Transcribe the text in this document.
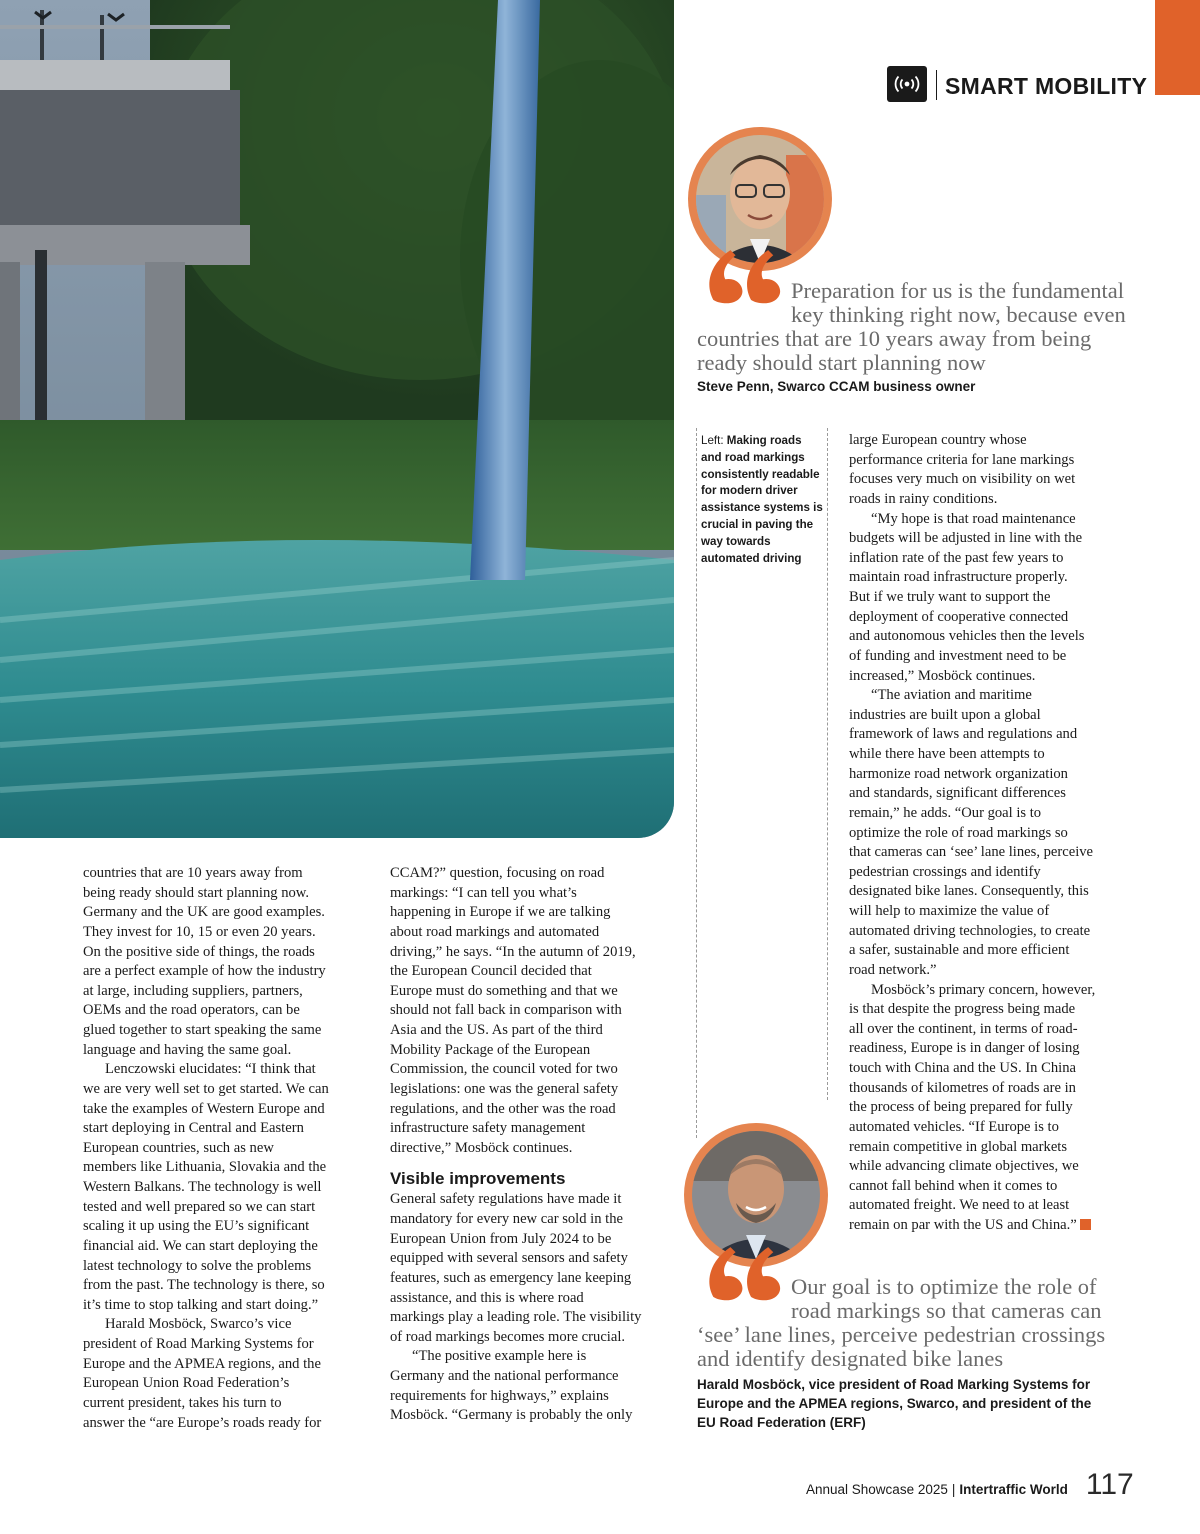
SMART MOBILITY
Preparation for us is the fundamental
key thinking right now, because even
countries that are 10 years away from being
ready should start planning now
Steve Penn, Swarco CCAM business owner
Left: Making roads and road markings consistently readable for modern driver assistance systems is crucial in paving the way towards automated driving
countries that are 10 years away from
being ready should start planning now.
Germany and the UK are good examples.
They invest for 10, 15 or even 20 years.
On the positive side of things, the roads
are a perfect example of how the industry
at large, including suppliers, partners,
OEMs and the road operators, can be
glued together to start speaking the same
language and having the same goal.
Lenczowski elucidates: “I think that
we are very well set to get started. We can
take the examples of Western Europe and
start deploying in Central and Eastern
European countries, such as new
members like Lithuania, Slovakia and the
Western Balkans. The technology is well
tested and well prepared so we can start
scaling it up using the EU’s significant
financial aid. We can start deploying the
latest technology to solve the problems
from the past. The technology is there, so
it’s time to stop talking and start doing.”
Harald Mosböck, Swarco’s vice
president of Road Marking Systems for
Europe and the APMEA regions, and the
European Union Road Federation’s
current president, takes his turn to
answer the “are Europe’s roads ready for
CCAM?” question, focusing on road
markings: “I can tell you what’s
happening in Europe if we are talking
about road markings and automated
driving,” he says. “In the autumn of 2019,
the European Council decided that
Europe must do something and that we
should not fall back in comparison with
Asia and the US. As part of the third
Mobility Package of the European
Commission, the council voted for two
legislations: one was the general safety
regulations, and the other was the road
infrastructure safety management
directive,” Mosböck continues.
Visible improvements
General safety regulations have made it
mandatory for every new car sold in the
European Union from July 2024 to be
equipped with several sensors and safety
features, such as emergency lane keeping
assistance, and this is where road
markings play a leading role. The visibility
of road markings becomes more crucial.
“The positive example here is
Germany and the national performance
requirements for highways,” explains
Mosböck. “Germany is probably the only
large European country whose
performance criteria for lane markings
focuses very much on visibility on wet
roads in rainy conditions.
“My hope is that road maintenance
budgets will be adjusted in line with the
inflation rate of the past few years to
maintain road infrastructure properly.
But if we truly want to support the
deployment of cooperative connected
and autonomous vehicles then the levels
of funding and investment need to be
increased,” Mosböck continues.
“The aviation and maritime
industries are built upon a global
framework of laws and regulations and
while there have been attempts to
harmonize road network organization
and standards, significant differences
remain,” he adds. “Our goal is to
optimize the role of road markings so
that cameras can ‘see’ lane lines, perceive
pedestrian crossings and identify
designated bike lanes. Consequently, this
will help to maximize the value of
automated driving technologies, to create
a safer, sustainable and more efficient
road network.”
Mosböck’s primary concern, however,
is that despite the progress being made
all over the continent, in terms of road-
readiness, Europe is in danger of losing
touch with China and the US. In China
thousands of kilometres of roads are in
the process of being prepared for fully
automated vehicles. “If Europe is to
remain competitive in global markets
while advancing climate objectives, we
cannot fall behind when it comes to
automated freight. We need to at least
remain on par with the US and China.”
Our goal is to optimize the role of
road markings so that cameras can
‘see’ lane lines, perceive pedestrian crossings
and identify designated bike lanes
Harald Mosböck, vice president of Road Marking Systems for
Europe and the APMEA regions, Swarco, and president of the
EU Road Federation (ERF)
Annual Showcase 2025 | Intertraffic World 117
